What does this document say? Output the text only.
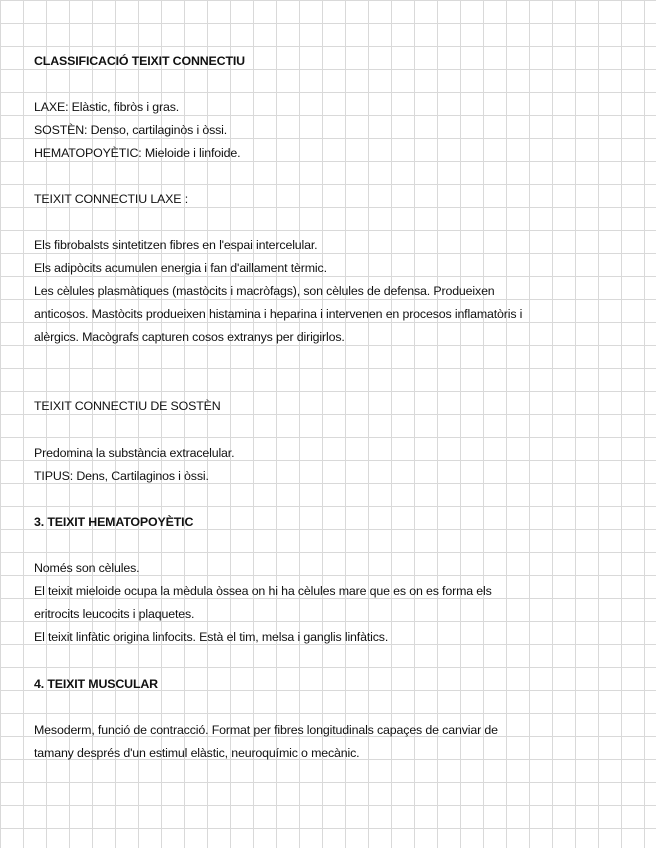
CLASSIFICACIÓ TEIXIT CONNECTIU
LAXE: Elàstic, fibròs i gras.
SOSTÈN: Denso, cartilaginòs i òssi.
HEMATOPOYÈTIC: Mieloide i linfoide.
TEIXIT CONNECTIU LAXE :
Els fibrobalsts sintetitzen fibres en l'espai intercelular.
Els adipòcits acumulen energia i fan d'aillament tèrmic.
Les cèlules plasmàtiques (mastòcits i macròfags), son cèlules de defensa. Produeixen
anticosos. Mastòcits produeixen histamina i heparina i intervenen en procesos inflamatòris i
alèrgics. Macògrafs capturen cosos extranys per dirigirlos.
TEIXIT CONNECTIU DE SOSTÈN
Predomina la substància extracelular.
TIPUS: Dens, Cartilaginos i òssi.
3. TEIXIT HEMATOPOYÈTIC
Només son cèlules.
El teixit mieloide ocupa la mèdula òssea on hi ha cèlules mare que es on es forma els
eritrocits leucocits i plaquetes.
El teixit linfàtic origina linfocits. Està el tim, melsa i ganglis linfàtics.
4. TEIXIT MUSCULAR
Mesoderm, funció de contracció. Format per fibres longitudinals capaçes de canviar de
tamany després d'un estimul elàstic, neuroquímic o mecànic.
